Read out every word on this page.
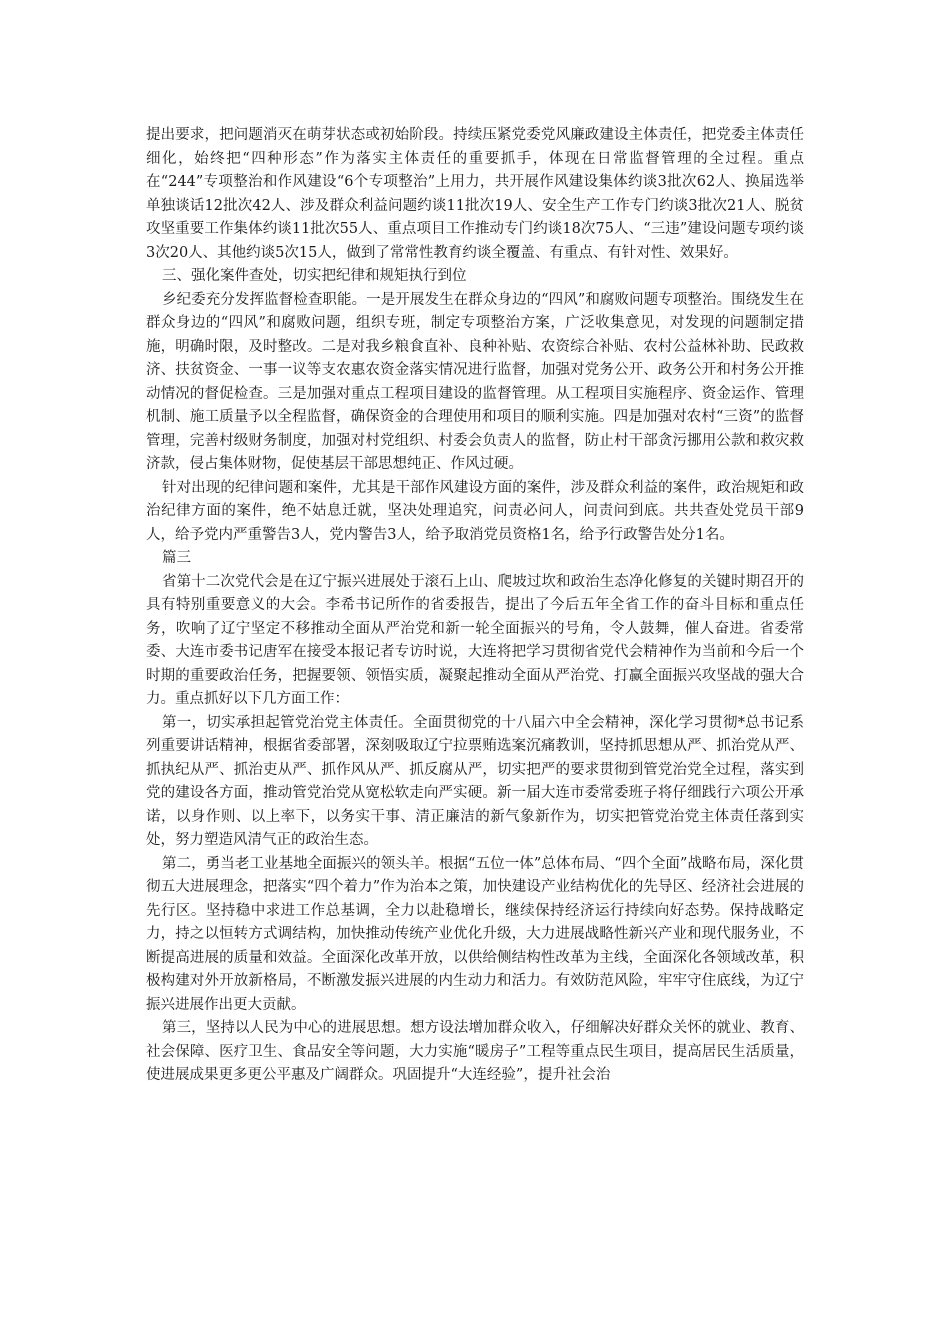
提出要求，把问题消灭在萌芽状态或初始阶段。持续压紧党委党风廉政建设主体责任，把党委主体责任细化，始终把“四种形态”作为落实主体责任的重要抓手，体现在日常监督管理的全过程。重点在“244”专项整治和作风建设“6个专项整治”上用力，共开展作风建设集体约谈3批次62人、换届选举单独谈话12批次42人、涉及群众利益问题约谈11批次19人、安全生产工作专门约谈3批次21人、脱贫攻坚重要工作集体约谈11批次55人、重点项目工作推动专门约谈18次75人、“三违”建设问题专项约谈3次20人、其他约谈5次15人，做到了常常性教育约谈全覆盖、有重点、有针对性、效果好。

三、强化案件查处，切实把纪律和规矩执行到位

乡纪委充分发挥监督检查职能。一是开展发生在群众身边的“四风”和腐败问题专项整治。围绕发生在群众身边的“四风”和腐败问题，组织专班，制定专项整治方案，广泛收集意见，对发现的问题制定措施，明确时限，及时整改。二是对我乡粮食直补、良种补贴、农资综合补贴、农村公益林补助、民政救济、扶贫资金、一事一议等支农惠农资金落实情况进行监督，加强对党务公开、政务公开和村务公开推动情况的督促检查。三是加强对重点工程项目建设的监督管理。从工程项目实施程序、资金运作、管理机制、施工质量予以全程监督，确保资金的合理使用和项目的顺利实施。四是加强对农村“三资”的监督管理，完善村级财务制度，加强对村党组织、村委会负责人的监督，防止村干部贪污挪用公款和救灾救济款，侵占集体财物，促使基层干部思想纯正、作风过硬。

针对出现的纪律问题和案件，尤其是干部作风建设方面的案件，涉及群众利益的案件，政治规矩和政治纪律方面的案件，绝不姑息迁就，坚决处理追究，问责必问人，问责问到底。共共查处党员干部9人，给予党内严重警告3人，党内警告3人，给予取消党员资格1名，给予行政警告处分1名。

篇三

省第十二次党代会是在辽宁振兴进展处于滚石上山、爬坡过坎和政治生态净化修复的关键时期召开的具有特别重要意义的大会。李希书记所作的省委报告，提出了今后五年全省工作的奋斗目标和重点任务，吹响了辽宁坚定不移推动全面从严治党和新一轮全面振兴的号角，令人鼓舞，催人奋进。省委常委、大连市委书记唐军在接受本报记者专访时说，大连将把学习贯彻省党代会精神作为当前和今后一个时期的重要政治任务，把握要领、领悟实质，凝聚起推动全面从严治党、打赢全面振兴攻坚战的强大合力。重点抓好以下几方面工作：

第一，切实承担起管党治党主体责任。全面贯彻党的十八届六中全会精神，深化学习贯彻*总书记系列重要讲话精神，根据省委部署，深刻吸取辽宁拉票贿选案沉痛教训，坚持抓思想从严、抓治党从严、抓执纪从严、抓治吏从严、抓作风从严、抓反腐从严，切实把严的要求贯彻到管党治党全过程，落实到党的建设各方面，推动管党治党从宽松软走向严实硬。新一届大连市委常委班子将仔细践行六项公开承诺，以身作则、以上率下，以务实干事、清正廉洁的新气象新作为，切实把管党治党主体责任落到实处，努力塑造风清气正的政治生态。

第二，勇当老工业基地全面振兴的领头羊。根据“五位一体”总体布局、“四个全面”战略布局，深化贯彻五大进展理念，把落实“四个着力”作为治本之策，加快建设产业结构优化的先导区、经济社会进展的先行区。坚持稳中求进工作总基调，全力以赴稳增长，继续保持经济运行持续向好态势。保持战略定力，持之以恒转方式调结构，加快推动传统产业优化升级，大力进展战略性新兴产业和现代服务业，不断提高进展的质量和效益。全面深化改革开放，以供给侧结构性改革为主线，全面深化各领域改革，积极构建对外开放新格局，不断激发振兴进展的内生动力和活力。有效防范风险，牢牢守住底线，为辽宁振兴进展作出更大贡献。

第三，坚持以人民为中心的进展思想。想方设法增加群众收入，仔细解决好群众关怀的就业、教育、社会保障、医疗卫生、食品安全等问题，大力实施“暖房子”工程等重点民生项目，提高居民生活质量，使进展成果更多更公平惠及广阔群众。巩固提升“大连经验”，提升社会治
